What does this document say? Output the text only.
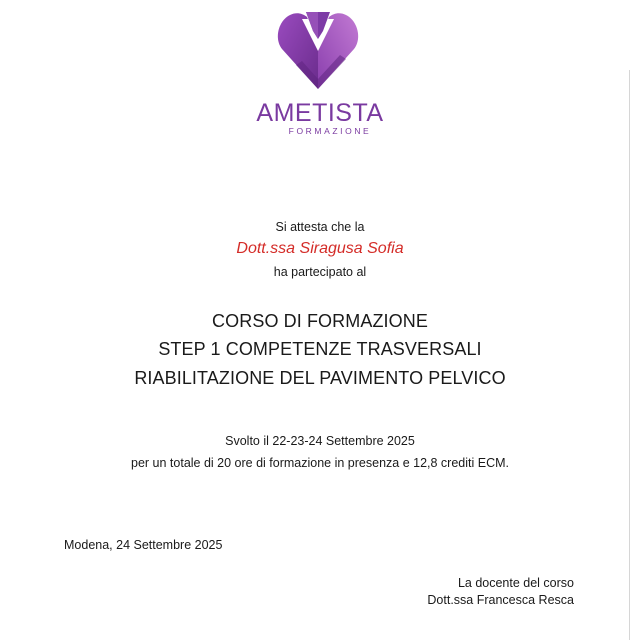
AMETISTA
FORMAZIONE
Si attesta che la
Dott.ssa Siragusa Sofia
ha partecipato al
CORSO DI FORMAZIONE
STEP 1 COMPETENZE TRASVERSALI
RIABILITAZIONE DEL PAVIMENTO PELVICO
Svolto il 22-23-24 Settembre 2025
per un totale di 20 ore di formazione in presenza e 12,8 crediti ECM.
Modena, 24 Settembre 2025
La docente del corso
Dott.ssa Francesca Resca
